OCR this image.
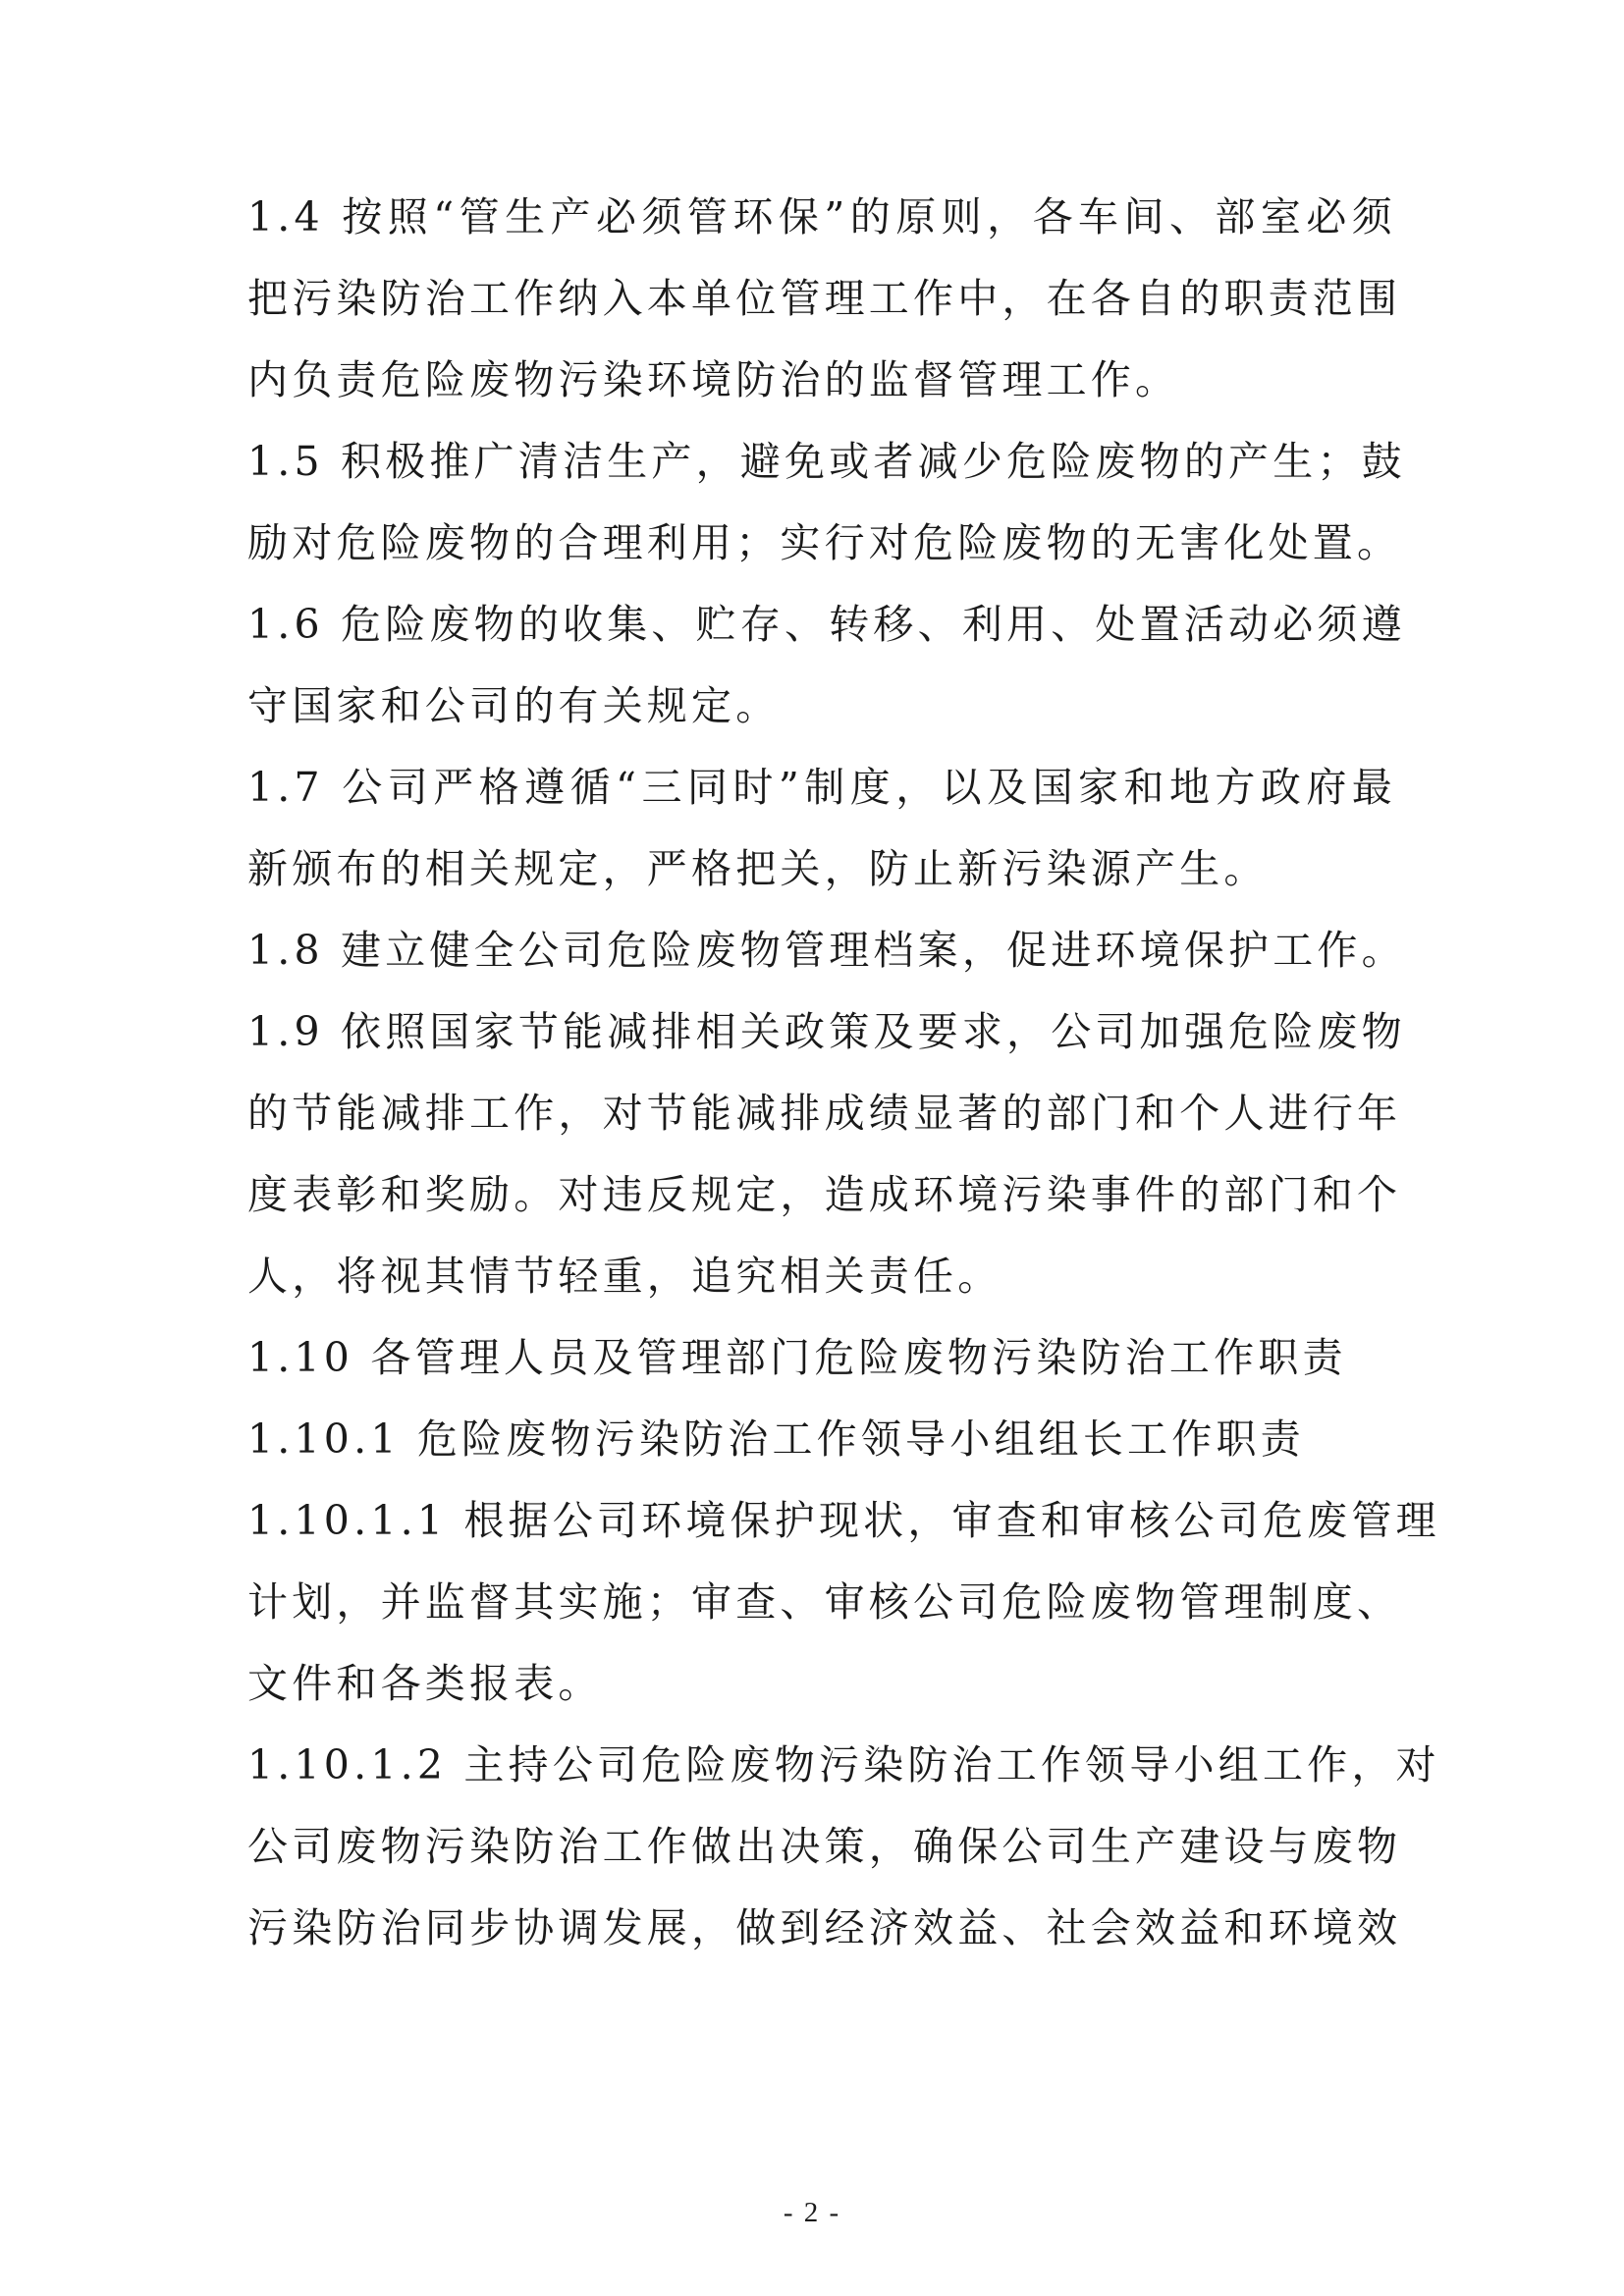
1.4 按照“管生产必须管环保”的原则，各车间、部室必须
把污染防治工作纳入本单位管理工作中，在各自的职责范围
内负责危险废物污染环境防治的监督管理工作。
1.5 积极推广清洁生产，避免或者减少危险废物的产生；鼓
励对危险废物的合理利用；实行对危险废物的无害化处置。
1.6 危险废物的收集、贮存、转移、利用、处置活动必须遵
守国家和公司的有关规定。
1.7 公司严格遵循“三同时”制度，以及国家和地方政府最
新颁布的相关规定，严格把关，防止新污染源产生。
1.8 建立健全公司危险废物管理档案，促进环境保护工作。
1.9 依照国家节能减排相关政策及要求，公司加强危险废物
的节能减排工作，对节能减排成绩显著的部门和个人进行年
度表彰和奖励。对违反规定，造成环境污染事件的部门和个
人，将视其情节轻重，追究相关责任。
1.10 各管理人员及管理部门危险废物污染防治工作职责
1.10.1 危险废物污染防治工作领导小组组长工作职责
1.10.1.1 根据公司环境保护现状，审查和审核公司危废管理
计划，并监督其实施；审查、审核公司危险废物管理制度、
文件和各类报表。
1.10.1.2 主持公司危险废物污染防治工作领导小组工作，对
公司废物污染防治工作做出决策，确保公司生产建设与废物
污染防治同步协调发展，做到经济效益、社会效益和环境效
- 2 -
